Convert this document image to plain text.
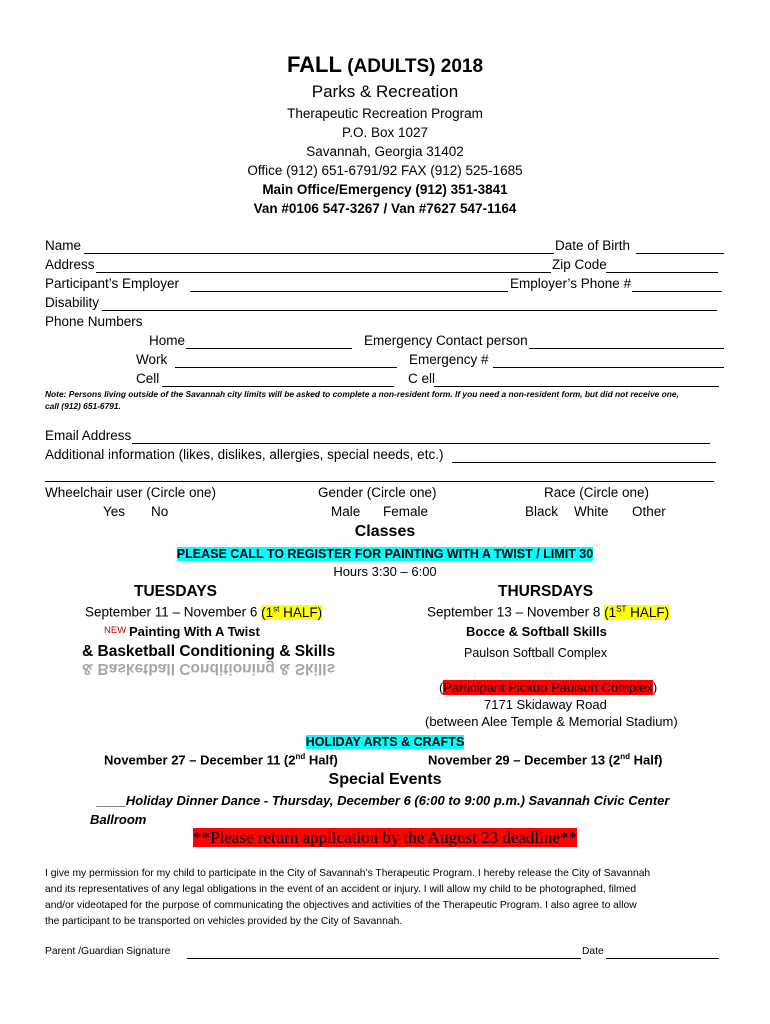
FALL (ADULTS) 2018
Parks & Recreation
Therapeutic Recreation Program
P.O. Box 1027
Savannah, Georgia 31402
Office (912) 651-6791/92 FAX (912) 525-1685
Main Office/Emergency (912) 351-3841
Van #0106 547-3267 / Van #7627 547-1164
Name	Date of Birth
Address	Zip Code
Participant’s Employer	Employer’s Phone #
Disability
Phone Numbers
Home	Emergency Contact person
Work	Emergency #
Cell	C ell
Note: Persons living outside of the Savannah city limits will be asked to complete a non-resident form. If you need a non-resident form, but did not receive one,
call (912) 651-6791.
Email Address
Additional information (likes, dislikes, allergies, special needs, etc.)
Wheelchair user (Circle one)
Yes No
Gender (Circle one)
Male Female
Race (Circle one)
Black White Other
Classes
PLEASE CALL TO REGISTER FOR PAINTING WITH A TWIST / LIMIT 30
Hours 3:30 – 6:00
TUESDAYS
September 11 – November 6 (1st HALF)
NEW Painting With A Twist
& Basketball Conditioning & Skills
& Basketball Conditioning & Skills
THURSDAYS
September 13 – November 8 (1ST HALF)
Bocce & Softball Skills
Paulson Softball Complex
(Participant Pickup Paulson Complex)
7171 Skidaway Road
(between Alee Temple & Memorial Stadium)
HOLIDAY ARTS & CRAFTS
November 27 – December 11 (2nd Half)	November 29 – December 13 (2nd Half)
Special Events
____Holiday Dinner Dance - Thursday, December 6 (6:00 to 9:00 p.m.) Savannah Civic Center
Ballroom
**Please return application by the August 23 deadline**
I give my permission for my child to participate in the City of Savannah’s Therapeutic Program. I hereby release the City of Savannah
and its representatives of any legal obligations in the event of an accident or injury. I will allow my child to be photographed, filmed
and/or videotaped for the purpose of communicating the objectives and activities of the Therapeutic Program. I also agree to allow
the participant to be transported on vehicles provided by the City of Savannah.
Parent /Guardian Signature	Date
